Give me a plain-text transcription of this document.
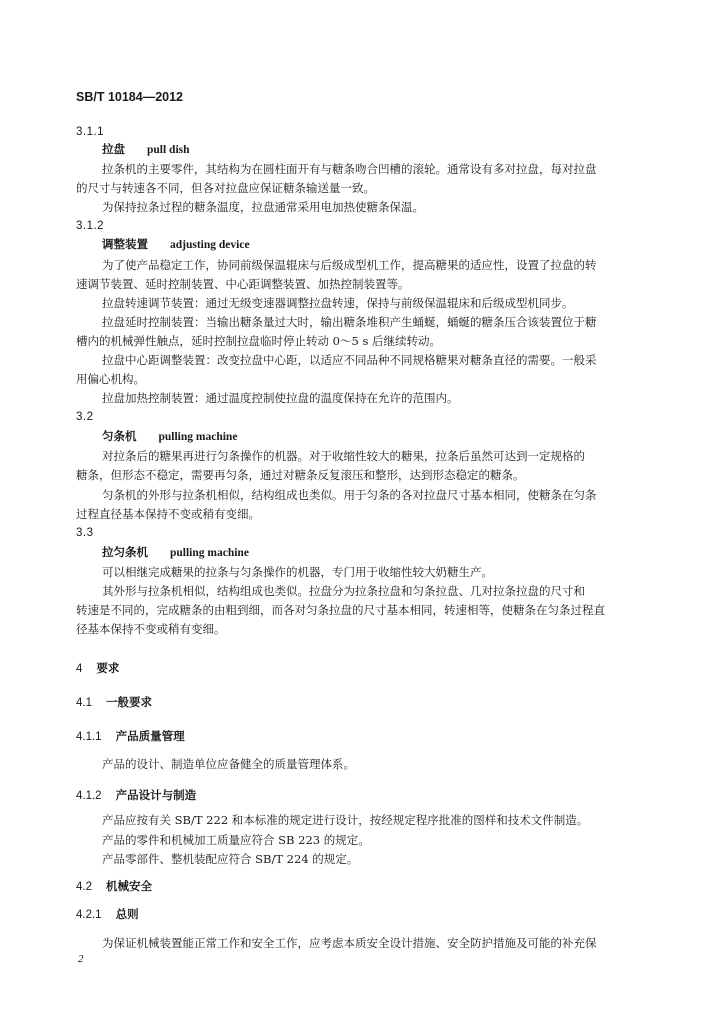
SB/T 10184—2012
3.1.1
拉盘 pull dish
拉条机的主要零件，其结构为在圆柱面开有与糖条吻合凹槽的滚轮。通常设有多对拉盘，每对拉盘
的尺寸与转速各不同，但各对拉盘应保证糖条输送量一致。
为保持拉条过程的糖条温度，拉盘通常采用电加热使糖条保温。
3.1.2
调整装置 adjusting device
为了使产品稳定工作，协同前级保温辊床与后级成型机工作，提高糖果的适应性，设置了拉盘的转
速调节装置、延时控制装置、中心距调整装置、加热控制装置等。
拉盘转速调节装置：通过无级变速器调整拉盘转速，保持与前级保温辊床和后级成型机同步。
拉盘延时控制装置：当输出糖条量过大时，输出糖条堆积产生蛹蜒，蛹蜒的糖条压合该装置位于糖
槽内的机械弹性触点，延时控制拉盘临时停止转动 0～5 s 后继续转动。
拉盘中心距调整装置：改变拉盘中心距，以适应不同品种不同规格糖果对糖条直径的需要。一般采
用偏心机构。
拉盘加热控制装置：通过温度控制使拉盘的温度保持在允许的范围内。
3.2
匀条机 pulling machine
对拉条后的糖果再进行匀条操作的机器。对于收缩性较大的糖果，拉条后虽然可达到一定规格的
糖条，但形态不稳定，需要再匀条，通过对糖条反复滚压和整形，达到形态稳定的糖条。
匀条机的外形与拉条机相似，结构组成也类似。用于匀条的各对拉盘尺寸基本相同，使糖条在匀条
过程直径基本保持不变或稍有变细。
3.3
拉匀条机 pulling machine
可以相继完成糖果的拉条与匀条操作的机器，专门用于收缩性较大奶糖生产。
其外形与拉条机相似，结构组成也类似。拉盘分为拉条拉盘和匀条拉盘、几对拉条拉盘的尺寸和
转速是不同的，完成糖条的由粗到细，而各对匀条拉盘的尺寸基本相同，转速相等，使糖条在匀条过程直
径基本保持不变或稍有变细。
4 要求
4.1 一般要求
4.1.1 产品质量管理
产品的设计、制造单位应备健全的质量管理体系。
4.1.2 产品设计与制造
产品应按有关 SB/T 222 和本标准的规定进行设计，按经规定程序批准的图样和技术文件制造。
产品的零件和机械加工质量应符合 SB 223 的规定。
产品零部件、整机装配应符合 SB/T 224 的规定。
4.2 机械安全
4.2.1 总则
为保证机械装置能正常工作和安全工作，应考虑本质安全设计措施、安全防护措施及可能的补充保
2
